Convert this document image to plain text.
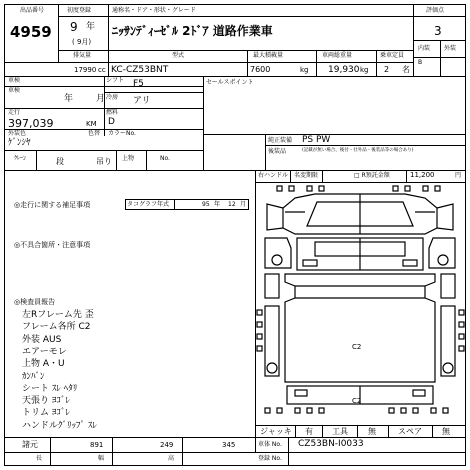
出品番号
4959
初度登録
9 年
( 9月)
通称名・ドア・形状・グレード
ﾆｯｻﾝﾃﾞｨｰｾﾞﾙ 2ﾄﾞｱ 道路作業車
評価点
3
内装
B
外装
排気量	型式	最大積載量	車両総重量	乗車定員
17990 cc KC-CZ53BNT	7600	kg 19,930 kg 2 名
車検
車検
年	月
シフト F5
冷房 アリ
走行
397,039	KM
燃料
D
外装色
ｹﾞﾝｼﾔ
色替 カラーNo.
ｸﾚｰﾝ	段	吊り 上物	No.
セールスポイント
純正装備 PS PW
後装品	(記載が無い場合、後付・社外品・後装品等の場合あり)
右ハンドル 名変期限	□ R預託金額	11,200	円
◎走行に関する補足事項	タコグラフ年式	95 年 12 月
◎不具合箇所・注意事項
◎検査員報告
左Rフレーム先 歪
フレーム各所 C2
外装 AUS
エアーモレ
上物 A・U
ｶﾝﾊﾞﾝ
シート ｽﾚ ﾍﾀﾘ
天張り ﾖｺﾞﾚ
トリム ﾖｺﾞﾚ
ハンドルｸﾞﾘｯﾌﾟ ｽﾚ
C2
C2
ジャッキ 有 工具	無	スペア	無
諸元	891	249	345
長	幅	高
車体 No. CZ53BN-I0033
登録 No.
